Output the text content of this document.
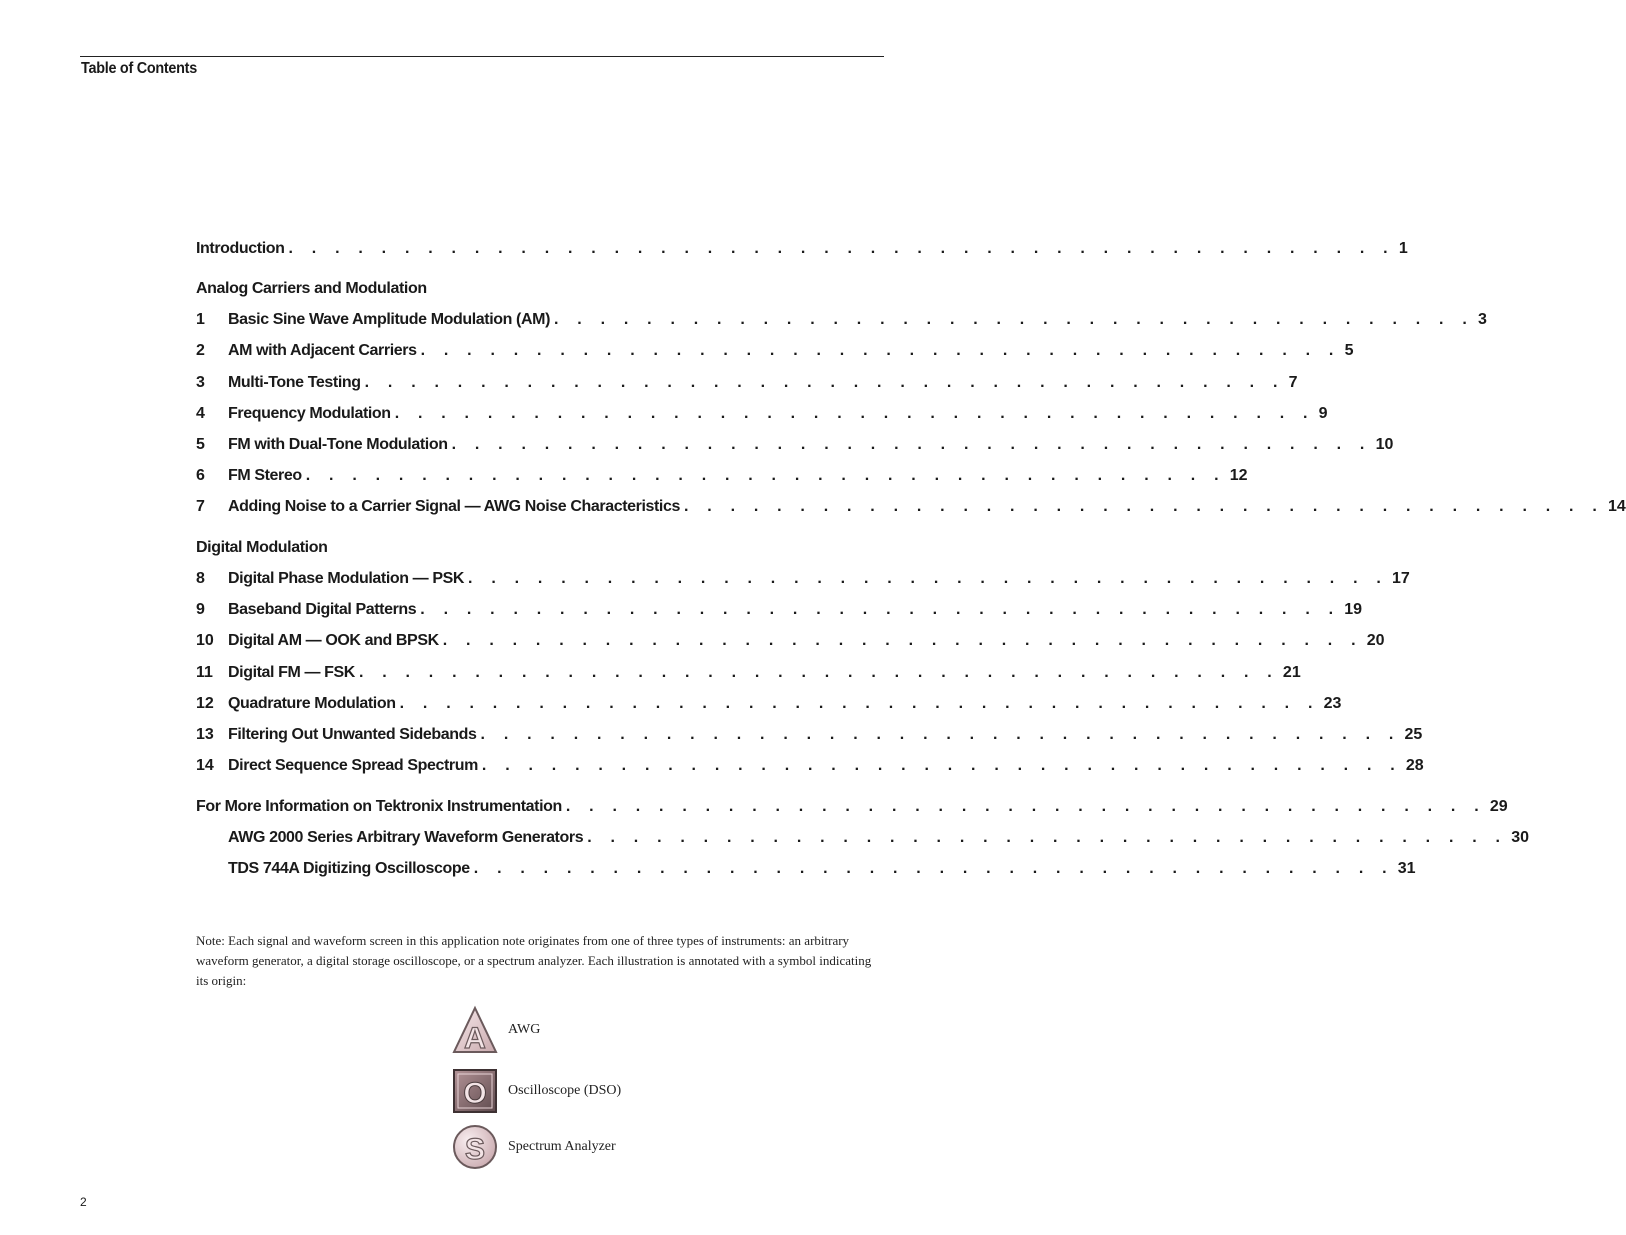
Table of Contents
Introduction . . . . . . . . . . . . . . . . . . . . . . . . . . . . . . . . . . . . . . . . . . . . . . . . 1
Analog Carriers and Modulation
1	Basic Sine Wave Amplitude Modulation (AM) . . . . . . . . . . . . . . . . . . . . . . . . . . . . . . . . . . . . . . . . 3
2	AM with Adjacent Carriers . . . . . . . . . . . . . . . . . . . . . . . . . . . . . . . . . . . . . . . . 5
3	Multi-Tone Testing . . . . . . . . . . . . . . . . . . . . . . . . . . . . . . . . . . . . . . . . 7
4	Frequency Modulation . . . . . . . . . . . . . . . . . . . . . . . . . . . . . . . . . . . . . . . . 9
5	FM with Dual-Tone Modulation . . . . . . . . . . . . . . . . . . . . . . . . . . . . . . . . . . . . . . . . 10
6	FM Stereo . . . . . . . . . . . . . . . . . . . . . . . . . . . . . . . . . . . . . . . . 12
7	Adding Noise to a Carrier Signal — AWG Noise Characteristics . . . . . . . . . . . . . . . . . . . . . . . . . . . . . . . . . . . . . . . . 14
Digital Modulation
8	Digital Phase Modulation — PSK . . . . . . . . . . . . . . . . . . . . . . . . . . . . . . . . . . . . . . . . 17
9	Baseband Digital Patterns . . . . . . . . . . . . . . . . . . . . . . . . . . . . . . . . . . . . . . . . 19
10 Digital AM — OOK and BPSK . . . . . . . . . . . . . . . . . . . . . . . . . . . . . . . . . . . . . . . . 20
11 Digital FM — FSK . . . . . . . . . . . . . . . . . . . . . . . . . . . . . . . . . . . . . . . . 21
12 Quadrature Modulation . . . . . . . . . . . . . . . . . . . . . . . . . . . . . . . . . . . . . . . . 23
13 Filtering Out Unwanted Sidebands . . . . . . . . . . . . . . . . . . . . . . . . . . . . . . . . . . . . . . . . 25
14 Direct Sequence Spread Spectrum . . . . . . . . . . . . . . . . . . . . . . . . . . . . . . . . . . . . . . . . 28
For More Information on Tektronix Instrumentation . . . . . . . . . . . . . . . . . . . . . . . . . . . . . . . . . . . . . . . . 29
AWG 2000 Series Arbitrary Waveform Generators . . . . . . . . . . . . . . . . . . . . . . . . . . . . . . . . . . . . . . . . 30
TDS 744A Digitizing Oscilloscope . . . . . . . . . . . . . . . . . . . . . . . . . . . . . . . . . . . . . . . . 31
Note: Each signal and waveform screen in this application note originates from one of three types of instruments: an arbitrary waveform generator, a digital storage oscilloscope, or a spectrum analyzer. Each illustration is annotated with a symbol indicating its origin:
A AWG
O Oscilloscope (DSO)
S Spectrum Analyzer
2
